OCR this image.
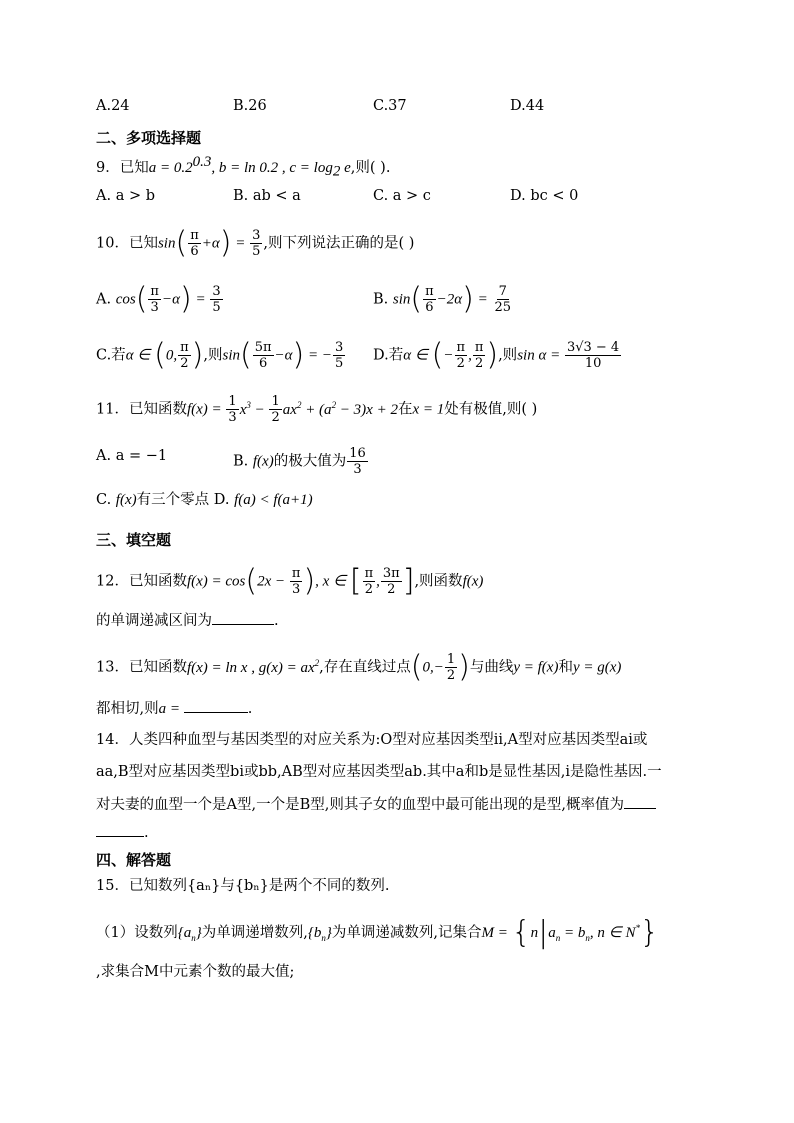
A.24	B.26	C.37	D.44
二、多项选择题
9．已知$a = 0.2^{0.3}$, b = ln 0.2 , $c = \log_2 e$,则( ).
A. a > b	B. ab < a	C. a > c	D. bc < 0
10．已知$\sin( \frac{\pi}{6} +\alpha) = \frac{3}{5}$ ,则下列说法正确的是( )
A. $\cos( \frac{\pi}{3} -\alpha) = \frac{3}{5}$	B. $\sin( \frac{\pi}{6} -2\alpha) = \frac{7}{25}$
C.若α ∈ (0, $\frac{\pi}{2}$ ),则$\sin( \frac{5\pi}{6} -\alpha)$ = − $\frac{3}{5} D$.若α ∈ (− $\frac{\pi}{2}$ , $\frac{\pi}{2}$ ),则$\sin \alpha = \frac{3√3 - 4}{10}$
11．已知函数$f(x) = \frac{1}{3} x^3 - \frac{1}{2} ax^2 + (a^2 - 3)x + 2$在x = 1处有极值,则( )
A. a = −1	B. f(x)的极大值为 $\frac{16}{3}$
C. f(x)有三个零点 D. f(a) < f(a+1)
三、填空题
12．已知函数$f(x) = \cos(2x - \frac{\pi}{3}$ ), x ∈ [ $\frac{\pi}{2}$ , $\frac{3\pi}{2}$ ],则函数f(x)
的单调递减区间为	.
13．已知函数f(x) = ln x , $g(x) = ax^2$,存在直线过点($0,- \frac{1}{2}$ )与曲线y = f(x)和y = g(x)
都相切,则a =	.
14．人类四种血型与基因类型的对应关系为:O型对应基因类型ii,A型对应基因类型ai或
aa,B型对应基因类型bi或bb,AB型对应基因类型ab.其中a和b是显性基因,i是隐性基因.一
对夫妻的血型一个是A型,一个是B型,则其子女的血型中最可能出现的是型,概率值为
.
四、解答题
15．已知数列{aₙ}与{bₙ}是两个不同的数列.
（1）设数列$\{a_n\}$为单调递增数列$,\{b_n\}$为单调递减数列,记集合$M = \{n|a_n = b_n$, n ∈ N*}
,求集合M中元素个数的最大值;
